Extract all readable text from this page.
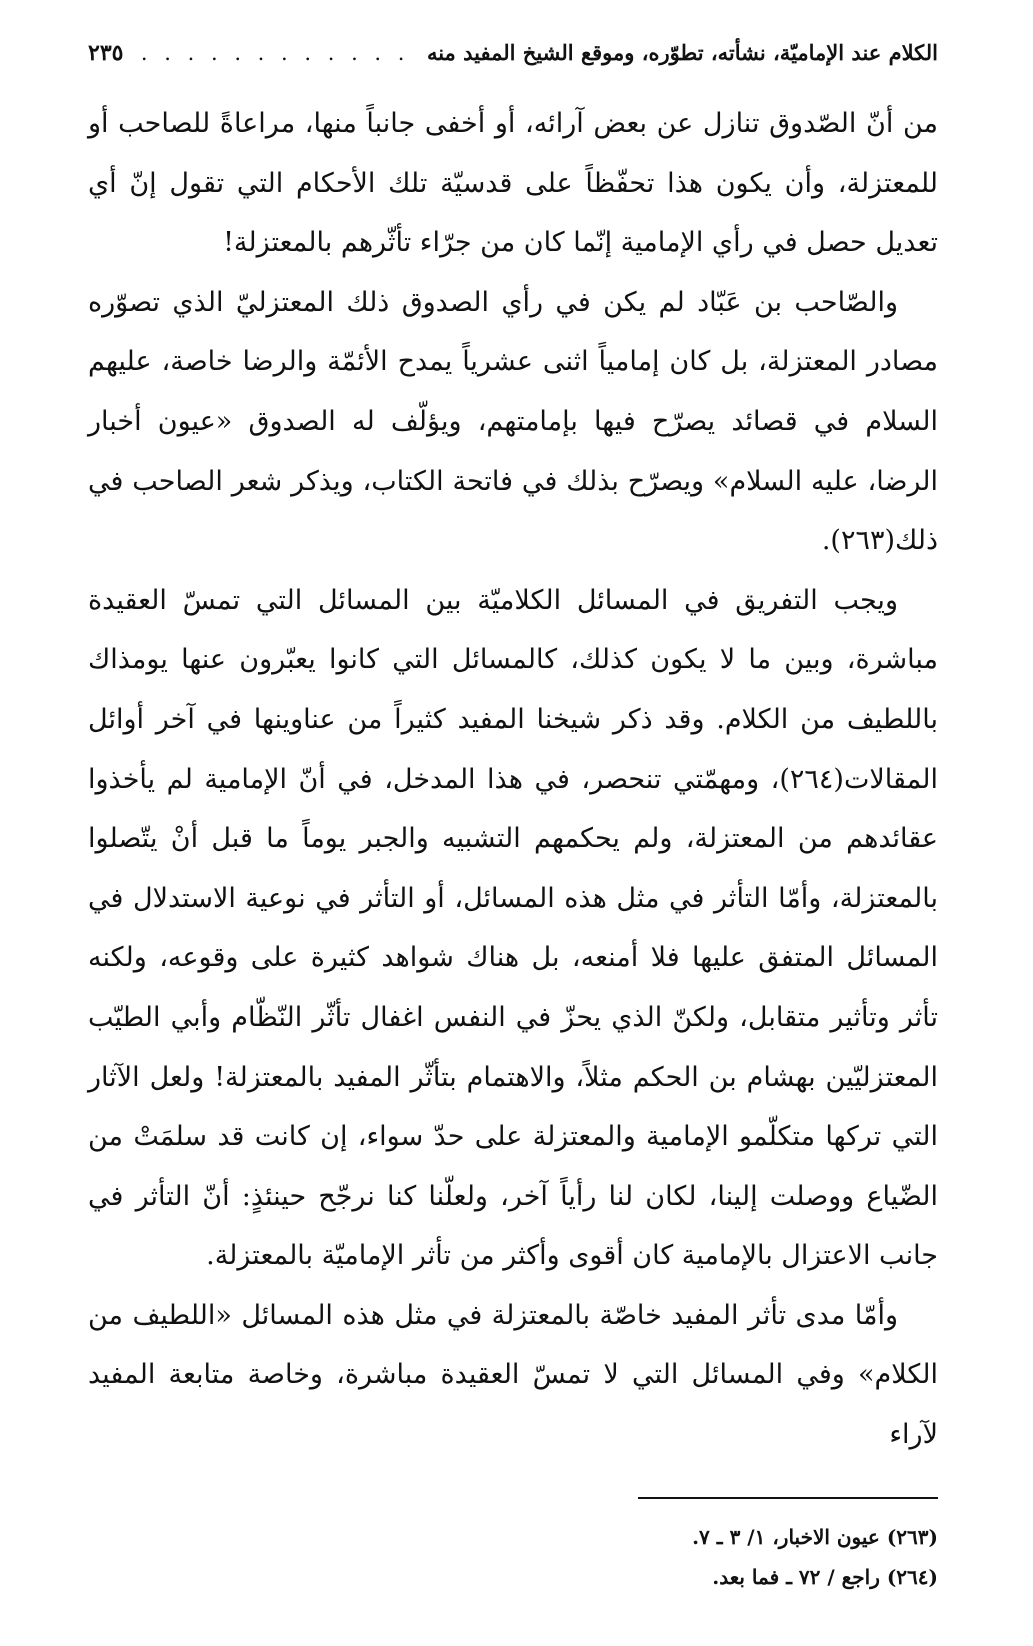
الكلام عند الإماميّة، نشأته، تطوّره، وموقع الشيخ المفيد منه
. . . . . . . . . . . .
٢٣٥

من أنّ الصّدوق تنازل عن بعض آرائه، أو أخفى جانباً منها، مراعاةً للصاحب أو للمعتزلة، وأن يكون هذا تحفّظاً على قدسيّة تلك الأحكام التي تقول إنّ أي تعديل حصل في رأي الإمامية إنّما كان من جرّاء تأثّرهم بالمعتزلة!

والصّاحب بن عَبّاد لم يكن في رأي الصدوق ذلك المعتزليّ الذي تصوّره مصادر المعتزلة، بل كان إمامياً اثنى عشرياً يمدح الأئمّة والرضا خاصة، عليهم السلام في قصائد يصرّح فيها بإمامتهم، ويؤلّف له الصدوق «عيون أخبار الرضا، عليه السلام» ويصرّح بذلك في فاتحة الكتاب، ويذكر شعر الصاحب في ذلك(٢٦٣).

ويجب التفريق في المسائل الكلاميّة بين المسائل التي تمسّ العقيدة مباشرة، وبين ما لا يكون كذلك، كالمسائل التي كانوا يعبّرون عنها يومذاك باللطيف من الكلام. وقد ذكر شيخنا المفيد كثيراً من عناوينها في آخر أوائل المقالات(٢٦٤)، ومهمّتي تنحصر، في هذا المدخل، في أنّ الإمامية لم يأخذوا عقائدهم من المعتزلة، ولم يحكمهم التشبيه والجبر يوماً ما قبل أنْ يتّصلوا بالمعتزلة، وأمّا التأثر في مثل هذه المسائل، أو التأثر في نوعية الاستدلال في المسائل المتفق عليها فلا أمنعه، بل هناك شواهد كثيرة على وقوعه، ولكنه تأثر وتأثير متقابل، ولكنّ الذي يحزّ في النفس اغفال تأثّر النّظّام وأبي الطيّب المعتزليّين بهشام بن الحكم مثلاً، والاهتمام بتأثّر المفيد بالمعتزلة! ولعل الآثار التي تركها متكلّمو الإمامية والمعتزلة على حدّ سواء، إن كانت قد سلمَتْ من الضّياع ووصلت إلينا، لكان لنا رأياً آخر، ولعلّنا كنا نرجّح حينئذٍ: أنّ التأثر في جانب الاعتزال بالإمامية كان أقوى وأكثر من تأثر الإماميّة بالمعتزلة.

وأمّا مدى تأثر المفيد خاصّة بالمعتزلة في مثل هذه المسائل «اللطيف من الكلام» وفي المسائل التي لا تمسّ العقيدة مباشرة، وخاصة متابعة المفيد لآراء

(٢٦٣) عيون الاخبار، ١/ ٣ ـ ٧.

(٢٦٤) راجع / ٧٢ ـ فما بعد.
